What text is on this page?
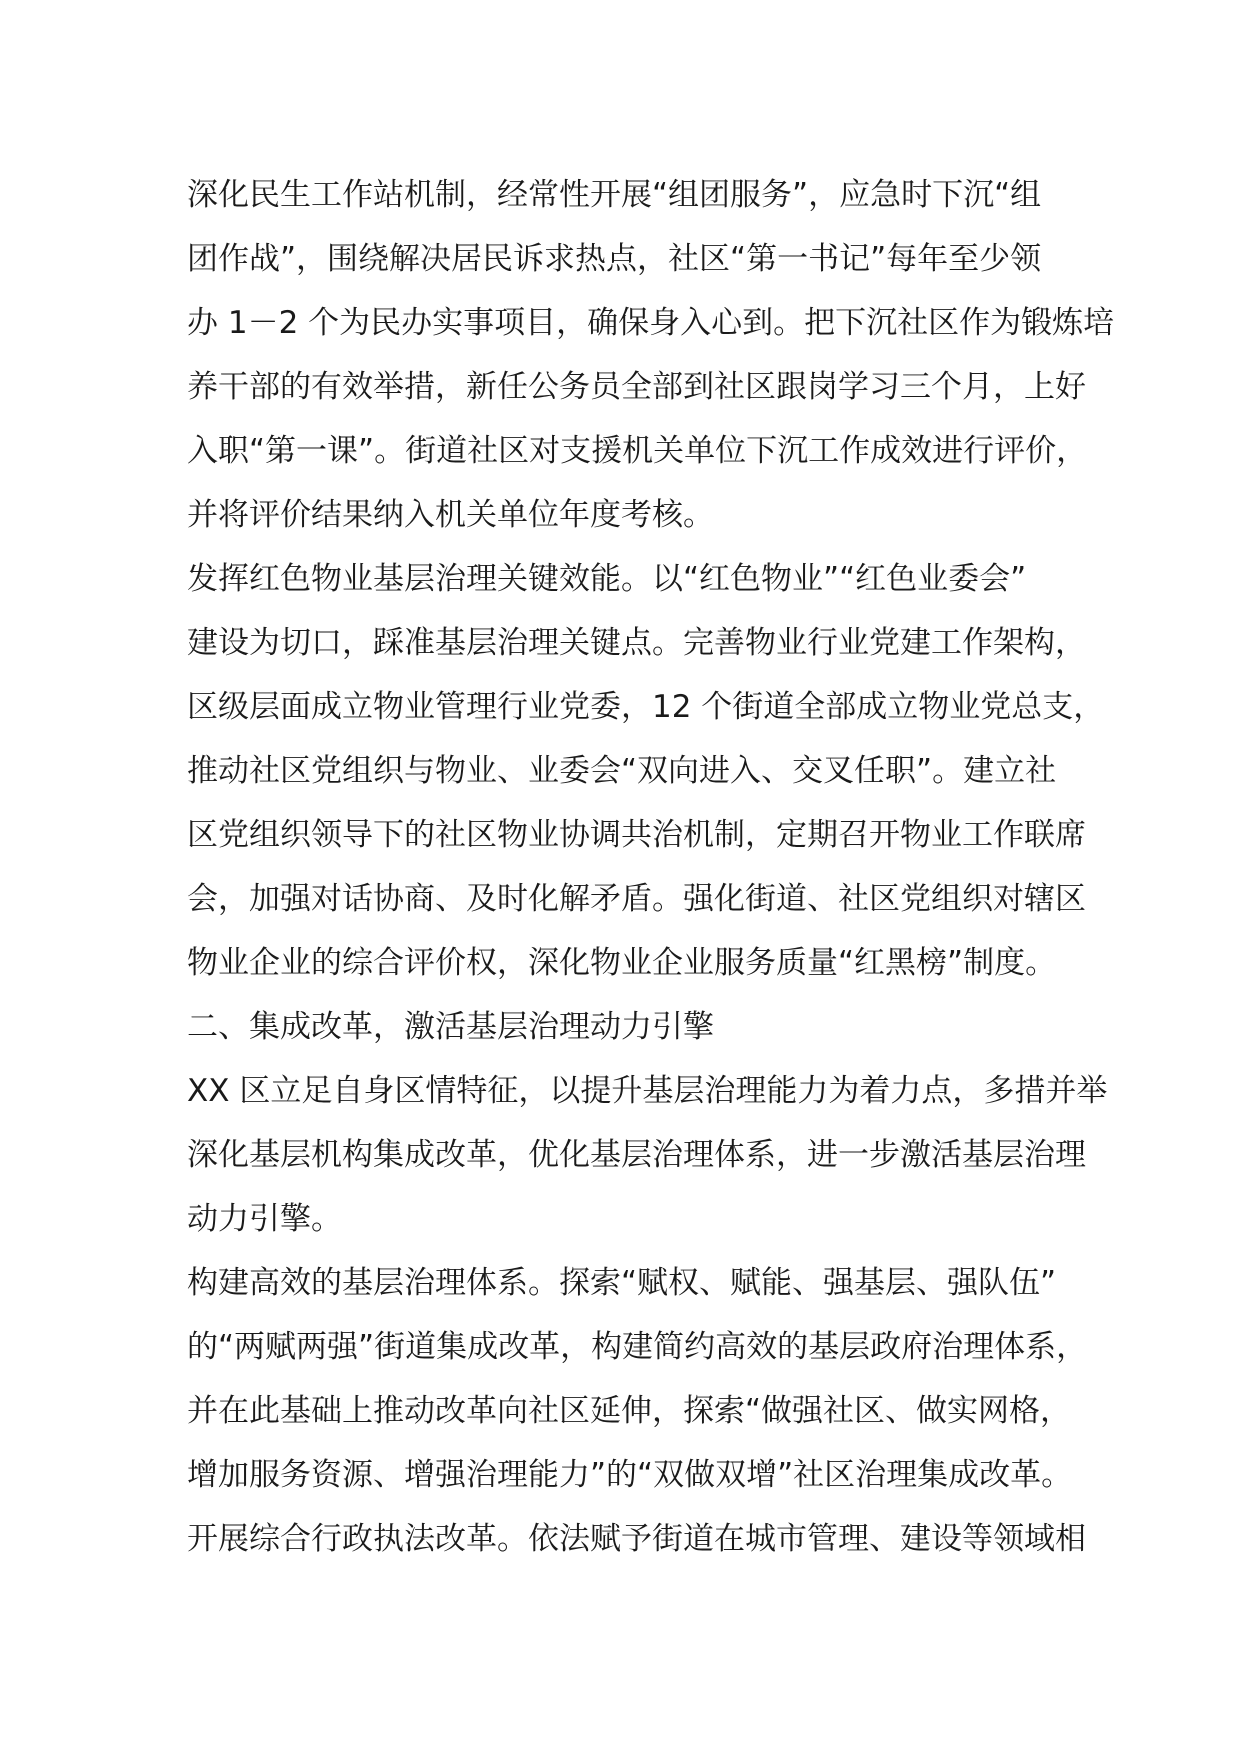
深化民生工作站机制，经常性开展“组团服务”，应急时下沉“组
团作战”，围绕解决居民诉求热点，社区“第一书记”每年至少领
办 1－2 个为民办实事项目，确保身入心到。把下沉社区作为锻炼培
养干部的有效举措，新任公务员全部到社区跟岗学习三个月，上好
入职“第一课”。街道社区对支援机关单位下沉工作成效进行评价，
并将评价结果纳入机关单位年度考核。
发挥红色物业基层治理关键效能。以“红色物业”“红色业委会”
建设为切口，踩准基层治理关键点。完善物业行业党建工作架构，
区级层面成立物业管理行业党委，12 个街道全部成立物业党总支，
推动社区党组织与物业、业委会“双向进入、交叉任职”。建立社
区党组织领导下的社区物业协调共治机制，定期召开物业工作联席
会，加强对话协商、及时化解矛盾。强化街道、社区党组织对辖区
物业企业的综合评价权，深化物业企业服务质量“红黑榜”制度。
二、集成改革，激活基层治理动力引擎
XX 区立足自身区情特征，以提升基层治理能力为着力点，多措并举
深化基层机构集成改革，优化基层治理体系，进一步激活基层治理
动力引擎。
构建高效的基层治理体系。探索“赋权、赋能、强基层、强队伍”
的“两赋两强”街道集成改革，构建简约高效的基层政府治理体系，
并在此基础上推动改革向社区延伸，探索“做强社区、做实网格，
增加服务资源、增强治理能力”的“双做双增”社区治理集成改革。
开展综合行政执法改革。依法赋予街道在城市管理、建设等领域相
